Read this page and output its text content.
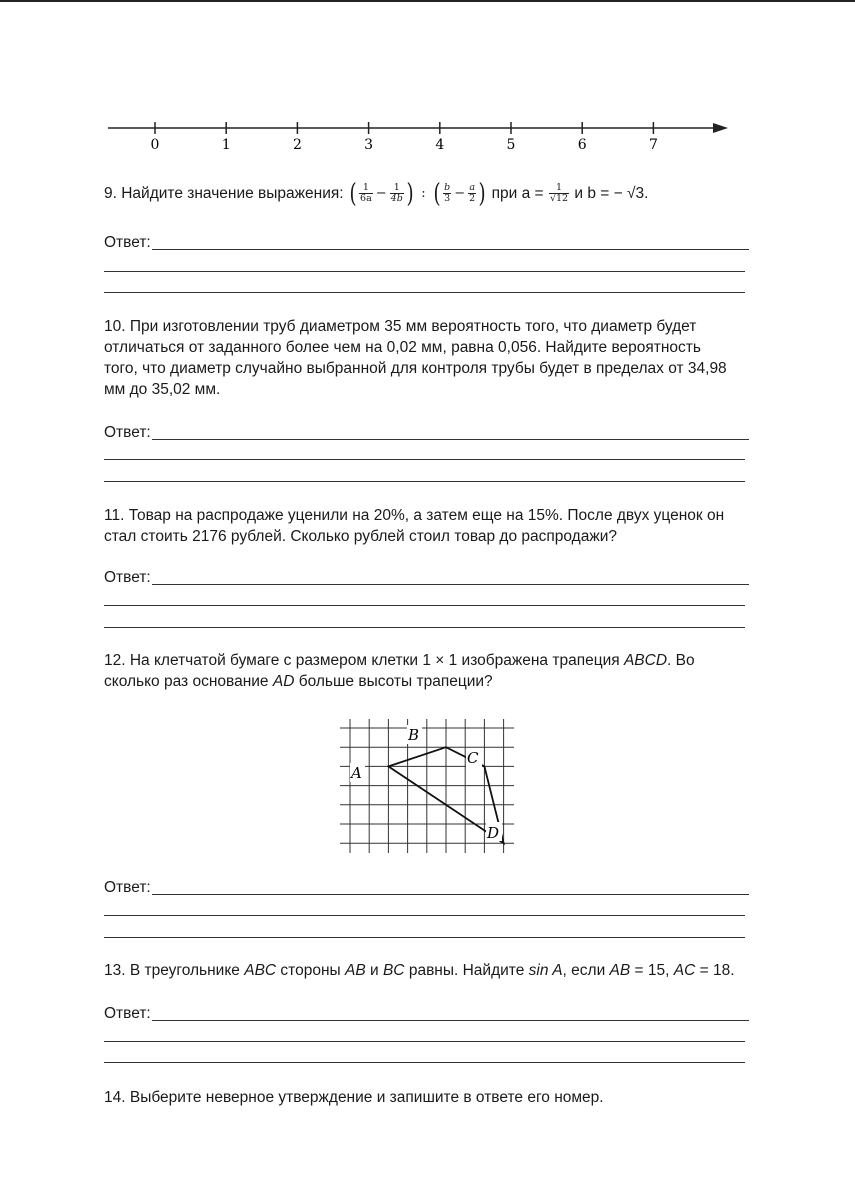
0	1	2	3	4	5	6	7
9. Найдите значение выражения: ( $\frac{1}{6a} - \frac{1}{4b}$ ) : ( $\frac{b}{3} - \frac{a}{2}$ ) при $a = \frac{1}{√12}$ и b = − √3.
Ответ:
10. При изготовлении труб диаметром 35 мм вероятность того, что диаметр будет
отличаться от заданного более чем на 0,02 мм, равна 0,056. Найдите вероятность
того, что диаметр случайно выбранной для контроля трубы будет в пределах от 34,98
мм до 35,02 мм.
Ответ:
11. Товар на распродаже уценили на 20%, а затем еще на 15%. После двух уценок он
стал стоить 2176 рублей. Сколько рублей стоил товар до распродажи?
Ответ:
12. На клетчатой бумаге с размером клетки 1 × 1 изображена трапеция ABCD. Во
сколько раз основание AD больше высоты трапеции?
A
B
C
D
Ответ:
13. В треугольнике ABC стороны AB и BC равны. Найдите sin A, если AB = 15, AC = 18.
Ответ:
14. Выберите неверное утверждение и запишите в ответе его номер.
